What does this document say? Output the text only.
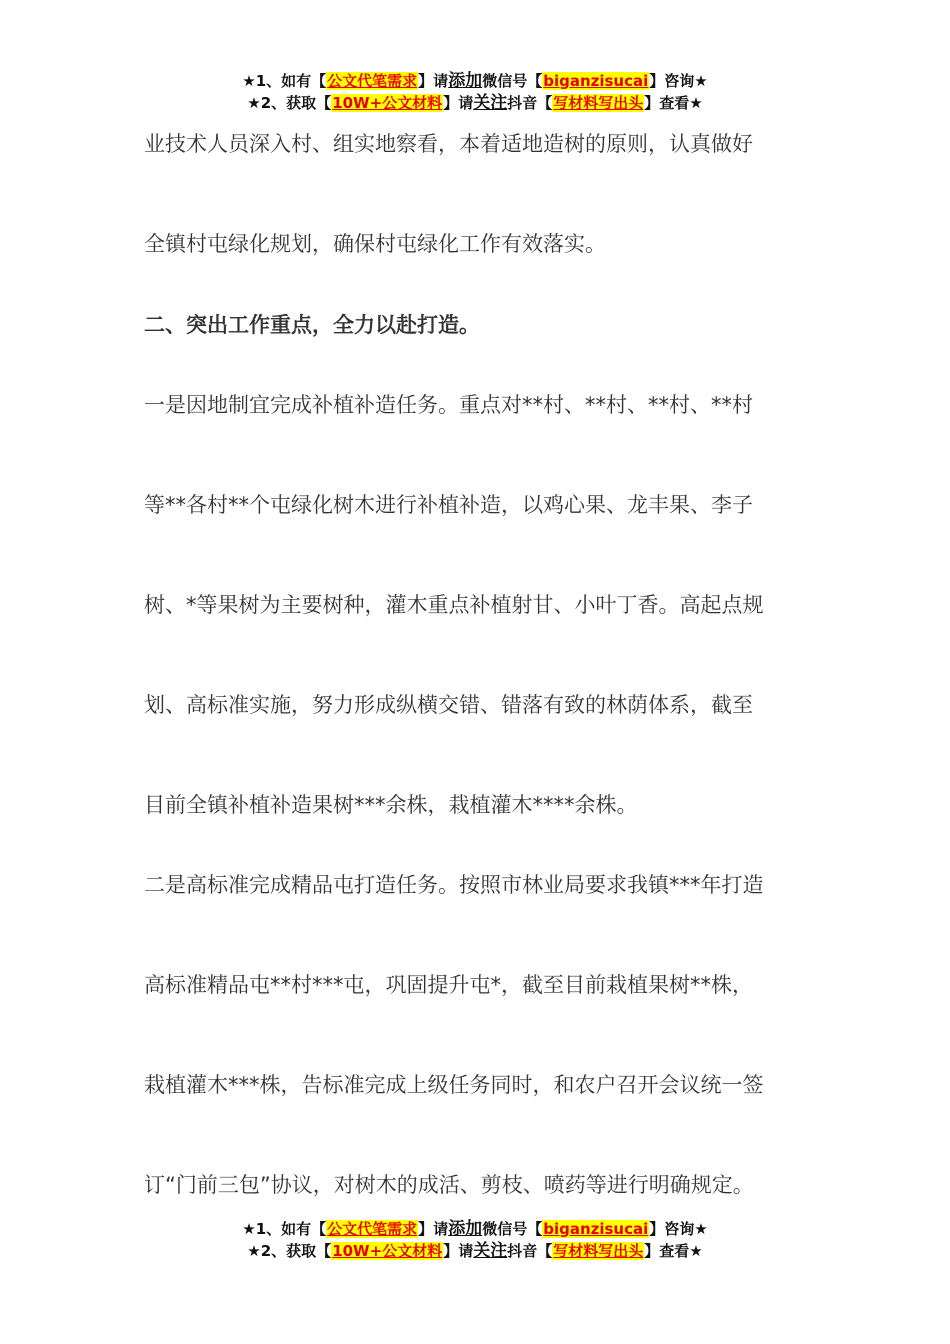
★1、如有【公文代笔需求】请添加微信号【biganzisucai】咨询★
★2、获取【10W+公文材料】请关注抖音【写材料写出头】查看★
业技术人员深入村、组实地察看，本着适地造树的原则，认真做好
全镇村屯绿化规划，确保村屯绿化工作有效落实。
二、突出工作重点，全力以赴打造。
一是因地制宜完成补植补造任务。重点对**村、**村、**村、**村
等**各村**个屯绿化树木进行补植补造，以鸡心果、龙丰果、李子
树、*等果树为主要树种，灌木重点补植射甘、小叶丁香。高起点规
划、高标准实施，努力形成纵横交错、错落有致的林荫体系，截至
目前全镇补植补造果树***余株，栽植灌木****余株。
二是高标准完成精品屯打造任务。按照市林业局要求我镇***年打造
高标准精品屯**村***屯，巩固提升屯*，截至目前栽植果树**株，
栽植灌木***株，告标准完成上级任务同时，和农户召开会议统一签
订“门前三包”协议，对树木的成活、剪枝、喷药等进行明确规定。
★1、如有【公文代笔需求】请添加微信号【biganzisucai】咨询★
★2、获取【10W+公文材料】请关注抖音【写材料写出头】查看★
